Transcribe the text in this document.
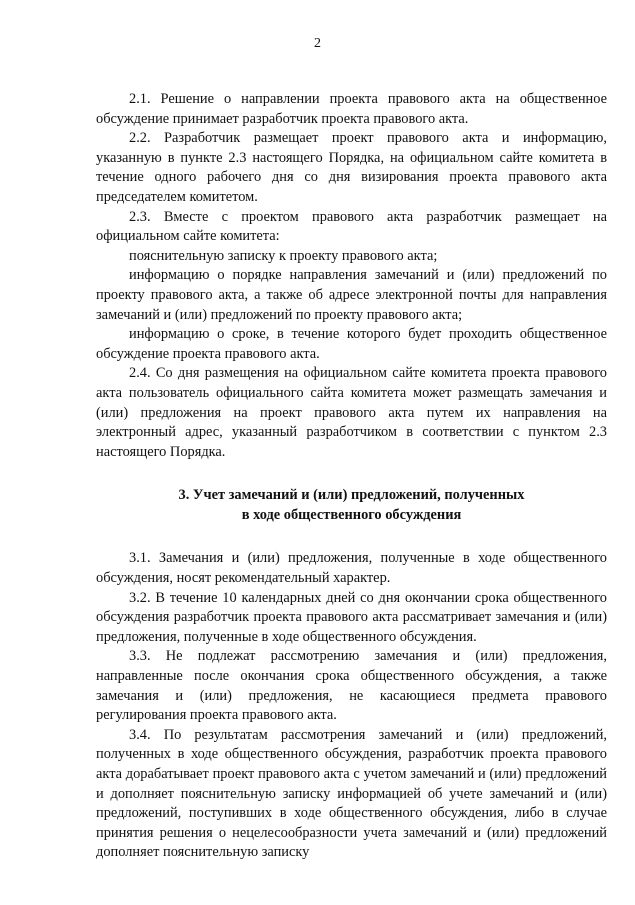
2

2.1. Решение о направлении проекта правового акта на общественное обсуждение принимает разработчик проекта правового акта.

2.2. Разработчик размещает проект правового акта и информацию, указанную в пункте 2.3 настоящего Порядка, на официальном сайте комитета в течение одного рабочего дня со дня визирования проекта правового акта председателем комитетом.

2.3. Вместе с проектом правового акта разработчик размещает на официальном сайте комитета:

пояснительную записку к проекту правового акта;

информацию о порядке направления замечаний и (или) предложений по проекту правового акта, а также об адресе электронной почты для направления замечаний и (или) предложений по проекту правового акта;

информацию о сроке, в течение которого будет проходить общественное обсуждение проекта правового акта.

2.4. Со дня размещения на официальном сайте комитета проекта правового акта пользователь официального сайта комитета может размещать замечания и (или) предложения на проект правового акта путем их направления на электронный адрес, указанный разработчиком в соответствии с пунктом 2.3 настоящего Порядка.

3. Учет замечаний и (или) предложений, полученных
в ходе общественного обсуждения

3.1. Замечания и (или) предложения, полученные в ходе общественного обсуждения, носят рекомендательный характер.

3.2. В течение 10 календарных дней со дня окончании срока общественного обсуждения разработчик проекта правового акта рассматривает замечания и (или) предложения, полученные в ходе общественного обсуждения.

3.3. Не подлежат рассмотрению замечания и (или) предложения, направленные после окончания срока общественного обсуждения, а также замечания и (или) предложения, не касающиеся предмета правового регулирования проекта правового акта.

3.4. По результатам рассмотрения замечаний и (или) предложений, полученных в ходе общественного обсуждения, разработчик проекта правового акта дорабатывает проект правового акта с учетом замечаний и (или) предложений и дополняет пояснительную записку информацией об учете замечаний и (или) предложений, поступивших в ходе общественного обсуждения, либо в случае принятия решения о нецелесообразности учета замечаний и (или) предложений дополняет пояснительную записку
